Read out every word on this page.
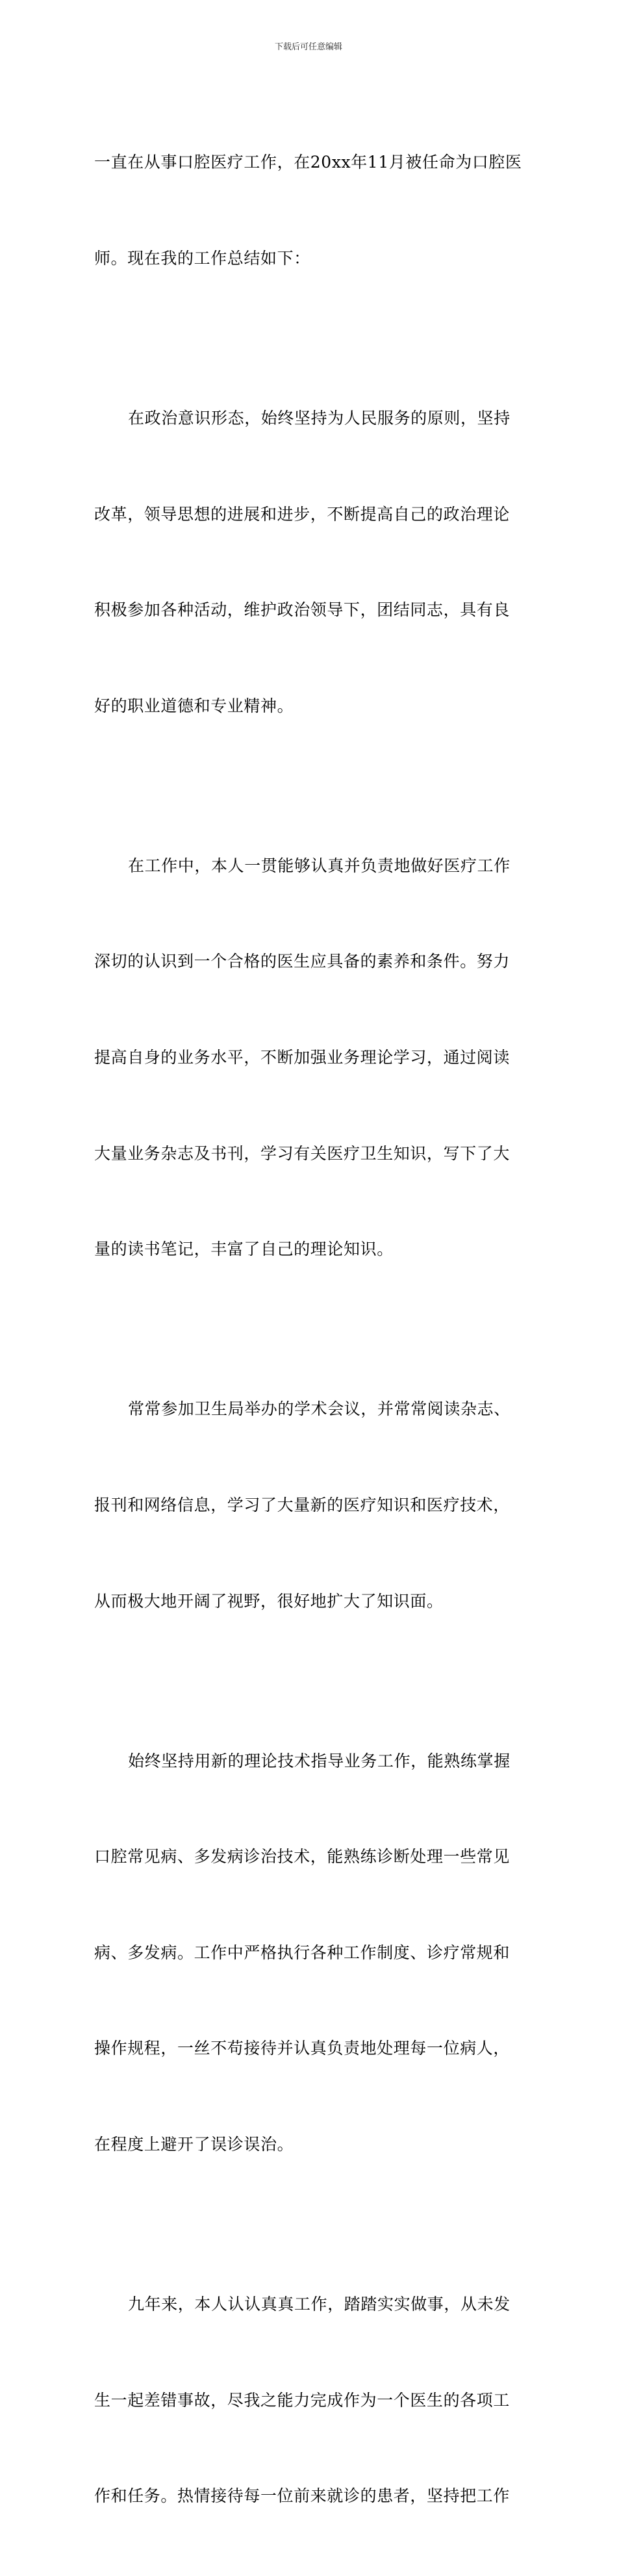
下载后可任意编辑

一直在从事口腔医疗工作，在20xx年11月被任命为口腔医

师。现在我的工作总结如下：

在政治意识形态，始终坚持为人民服务的原则，坚持

改革，领导思想的进展和进步，不断提高自己的政治理论

积极参加各种活动，维护政治领导下，团结同志，具有良

好的职业道德和专业精神。

在工作中，本人一贯能够认真并负责地做好医疗工作

深切的认识到一个合格的医生应具备的素养和条件。努力

提高自身的业务水平，不断加强业务理论学习，通过阅读

大量业务杂志及书刊，学习有关医疗卫生知识，写下了大

量的读书笔记，丰富了自己的理论知识。

常常参加卫生局举办的学术会议，并常常阅读杂志、

报刊和网络信息，学习了大量新的医疗知识和医疗技术，

从而极大地开阔了视野，很好地扩大了知识面。

始终坚持用新的理论技术指导业务工作，能熟练掌握

口腔常见病、多发病诊治技术，能熟练诊断处理一些常见

病、多发病。工作中严格执行各种工作制度、诊疗常规和

操作规程，一丝不苟接待并认真负责地处理每一位病人，

在程度上避开了误诊误治。

九年来，本人认认真真工作，踏踏实实做事，从未发

生一起差错事故，尽我之能力完成作为一个医生的各项工

作和任务。热情接待每一位前来就诊的患者，坚持把工作
